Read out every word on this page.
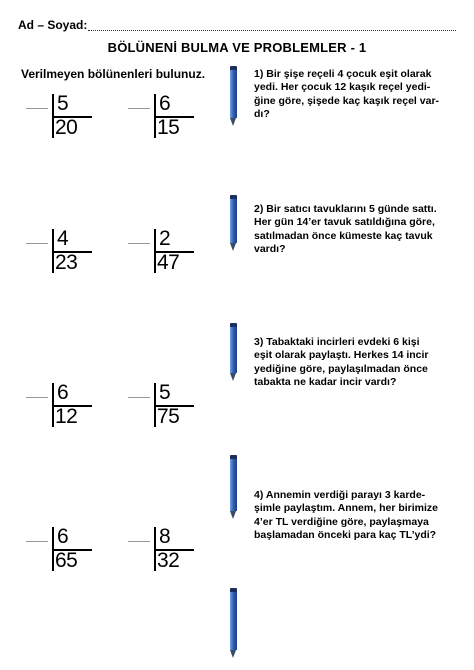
Ad – Soyad:
BÖLÜNENİ BULMA VE PROBLEMLER - 1
Verilmeyen bölünenleri bulunuz.
5
20
6
15
4
23
2
47
6
12
5
75
6
65
8
32
1) Bir şişe reçeli 4 çocuk eşit olarak
yedi. Her çocuk 12 kaşık reçel yedi-
ğine göre, şişede kaç kaşık reçel var-
dı?
2) Bir satıcı tavuklarını 5 günde sattı.
Her gün 14’er tavuk satıldığına göre,
satılmadan önce kümeste kaç tavuk
vardı?
3) Tabaktaki incirleri evdeki 6 kişi
eşit olarak paylaştı. Herkes 14 incir
yediğine göre, paylaşılmadan önce
tabakta ne kadar incir vardı?
4) Annemin verdiği parayı 3 karde-
şimle paylaştım. Annem, her birimize
4’er TL verdiğine göre, paylaşmaya
başlamadan önceki para kaç TL’ydi?
